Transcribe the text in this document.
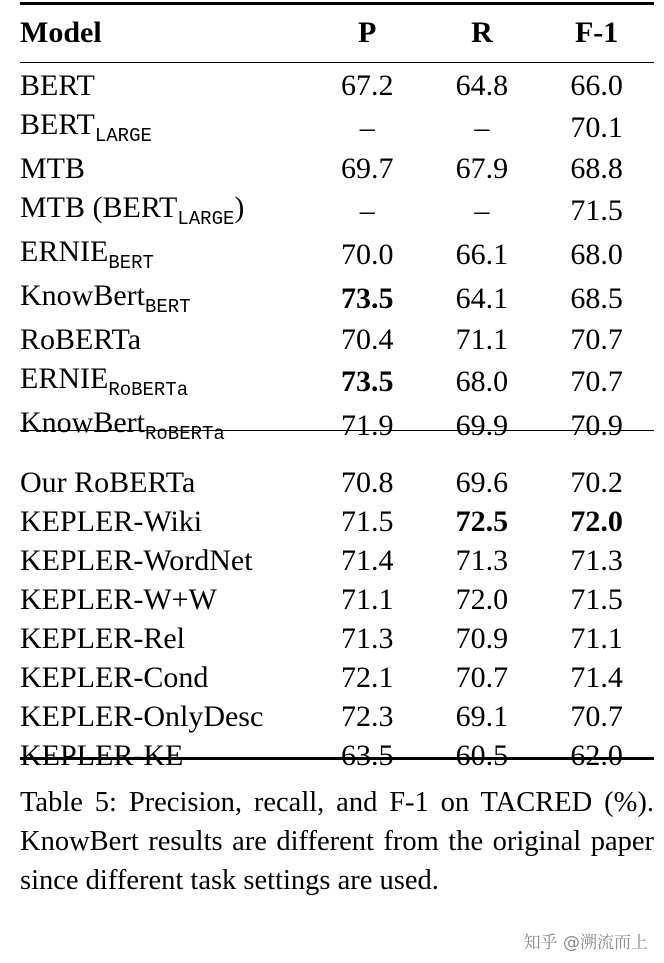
Model	P	R	F-1
BERT	67.2	64.8	66.0
$BERT_{LARGE}$	–	–	70.1
MTB	69.7	67.9	68.8
MTB $(BERT_{LARGE})$	–	–	71.5
$ERNIE_{BERT}$	70.0	66.1	68.0
KnowBert$_{BERT}$	73.5	64.1	68.5
RoBERTa	70.4	71.1	70.7
$ERNIE_{RoBERTa}$	73.5	68.0	70.7
KnowBert$_{RoBERTa}$	71.9	69.9	70.9

Our RoBERTa	70.8	69.6	70.2
KEPLER-Wiki	71.5	72.5	72.0
KEPLER-WordNet	71.4	71.3	71.3
KEPLER-W+W	71.1	72.0	71.5
KEPLER-Rel	71.3	70.9	71.1
KEPLER-Cond	72.1	70.7	71.4
KEPLER-OnlyDesc	72.3	69.1	70.7
KEPLER-KE	63.5	60.5	62.0
Table 5: Precision, recall, and F-1 on TACRED (%). KnowBert results are different from the original paper since different task settings are used.
知乎 @溯流而上
